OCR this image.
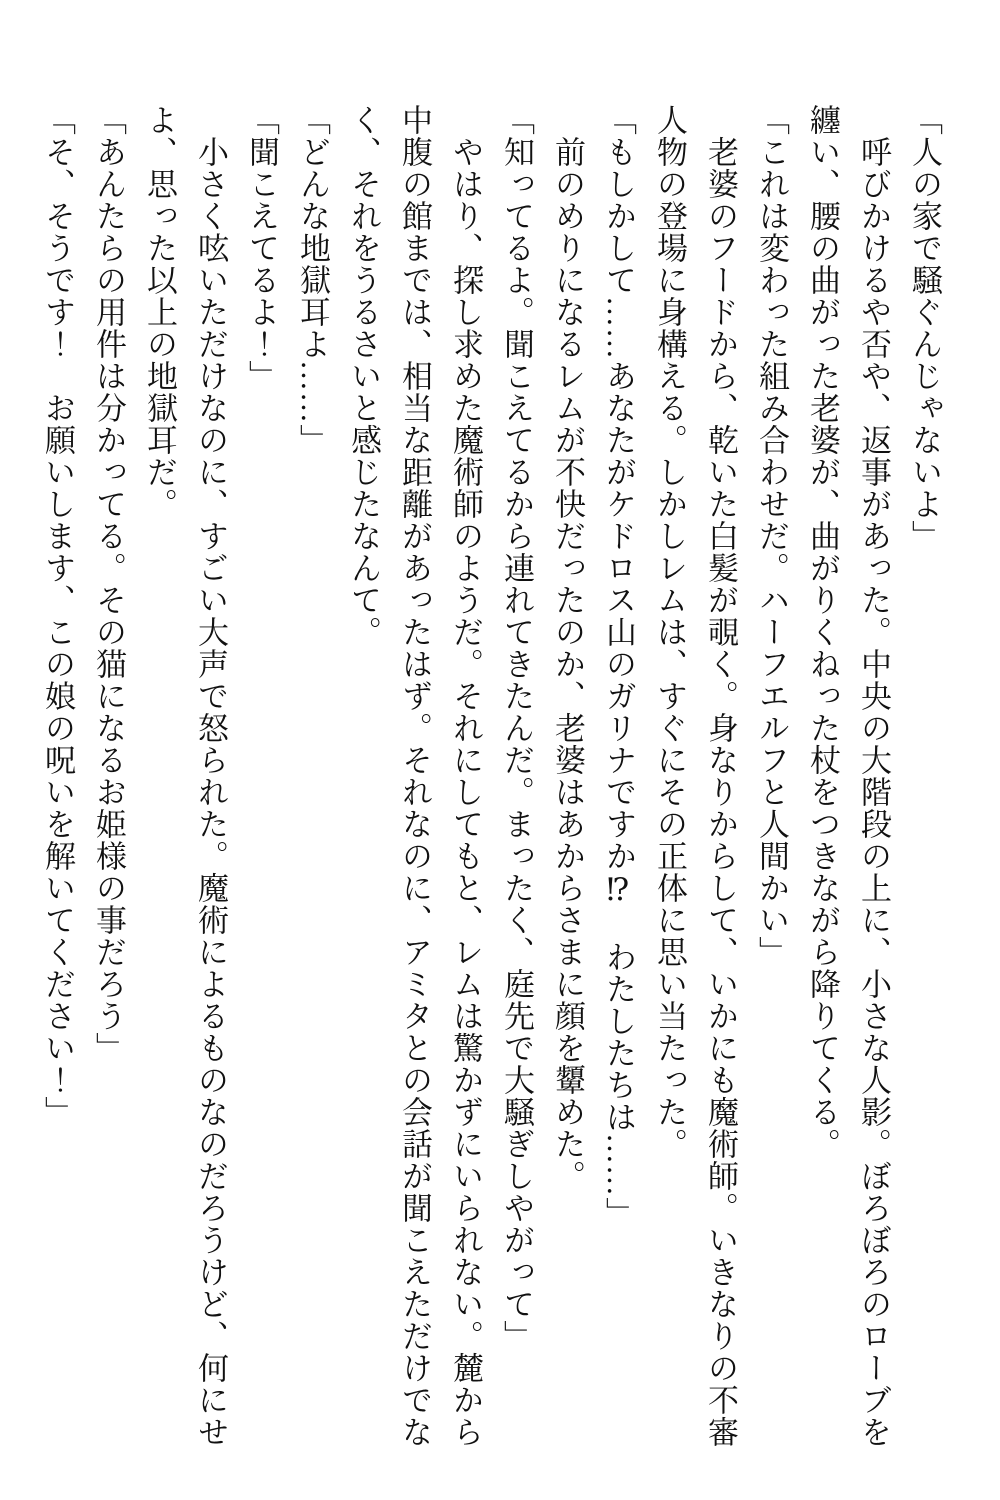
「人の家で騒ぐんじゃないよ」

　呼びかけるや否や、返事があった。中央の大階段の上に、小さな人影。ぼろぼろのローブを纏い、腰の曲がった老婆が、曲がりくねった杖をつきながら降りてくる。

「これは変わった組み合わせだ。ハーフエルフと人間かい」

　老婆のフードから、乾いた白髪が覗く。身なりからして、いかにも魔術師。いきなりの不審人物の登場に身構える。しかしレムは、すぐにその正体に思い当たった。

「もしかして……あなたがケドロス山のガリナですか⁉　わたしたちは……」

　前のめりになるレムが不快だったのか、老婆はあからさまに顔を顰めた。

「知ってるよ。聞こえてるから連れてきたんだ。まったく、庭先で大騒ぎしやがって」

　やはり、探し求めた魔術師のようだ。それにしてもと、レムは驚かずにいられない。麓から中腹の館までは、相当な距離があったはず。それなのに、アミタとの会話が聞こえただけでなく、それをうるさいと感じたなんて。

「どんな地獄耳よ……」

「聞こえてるよ！」

　小さく呟いただけなのに、すごい大声で怒られた。魔術によるものなのだろうけど、何にせよ、思った以上の地獄耳だ。

「あんたらの用件は分かってる。その猫になるお姫様の事だろう」

「そ、そうです！　お願いします、この娘の呪いを解いてください！」
